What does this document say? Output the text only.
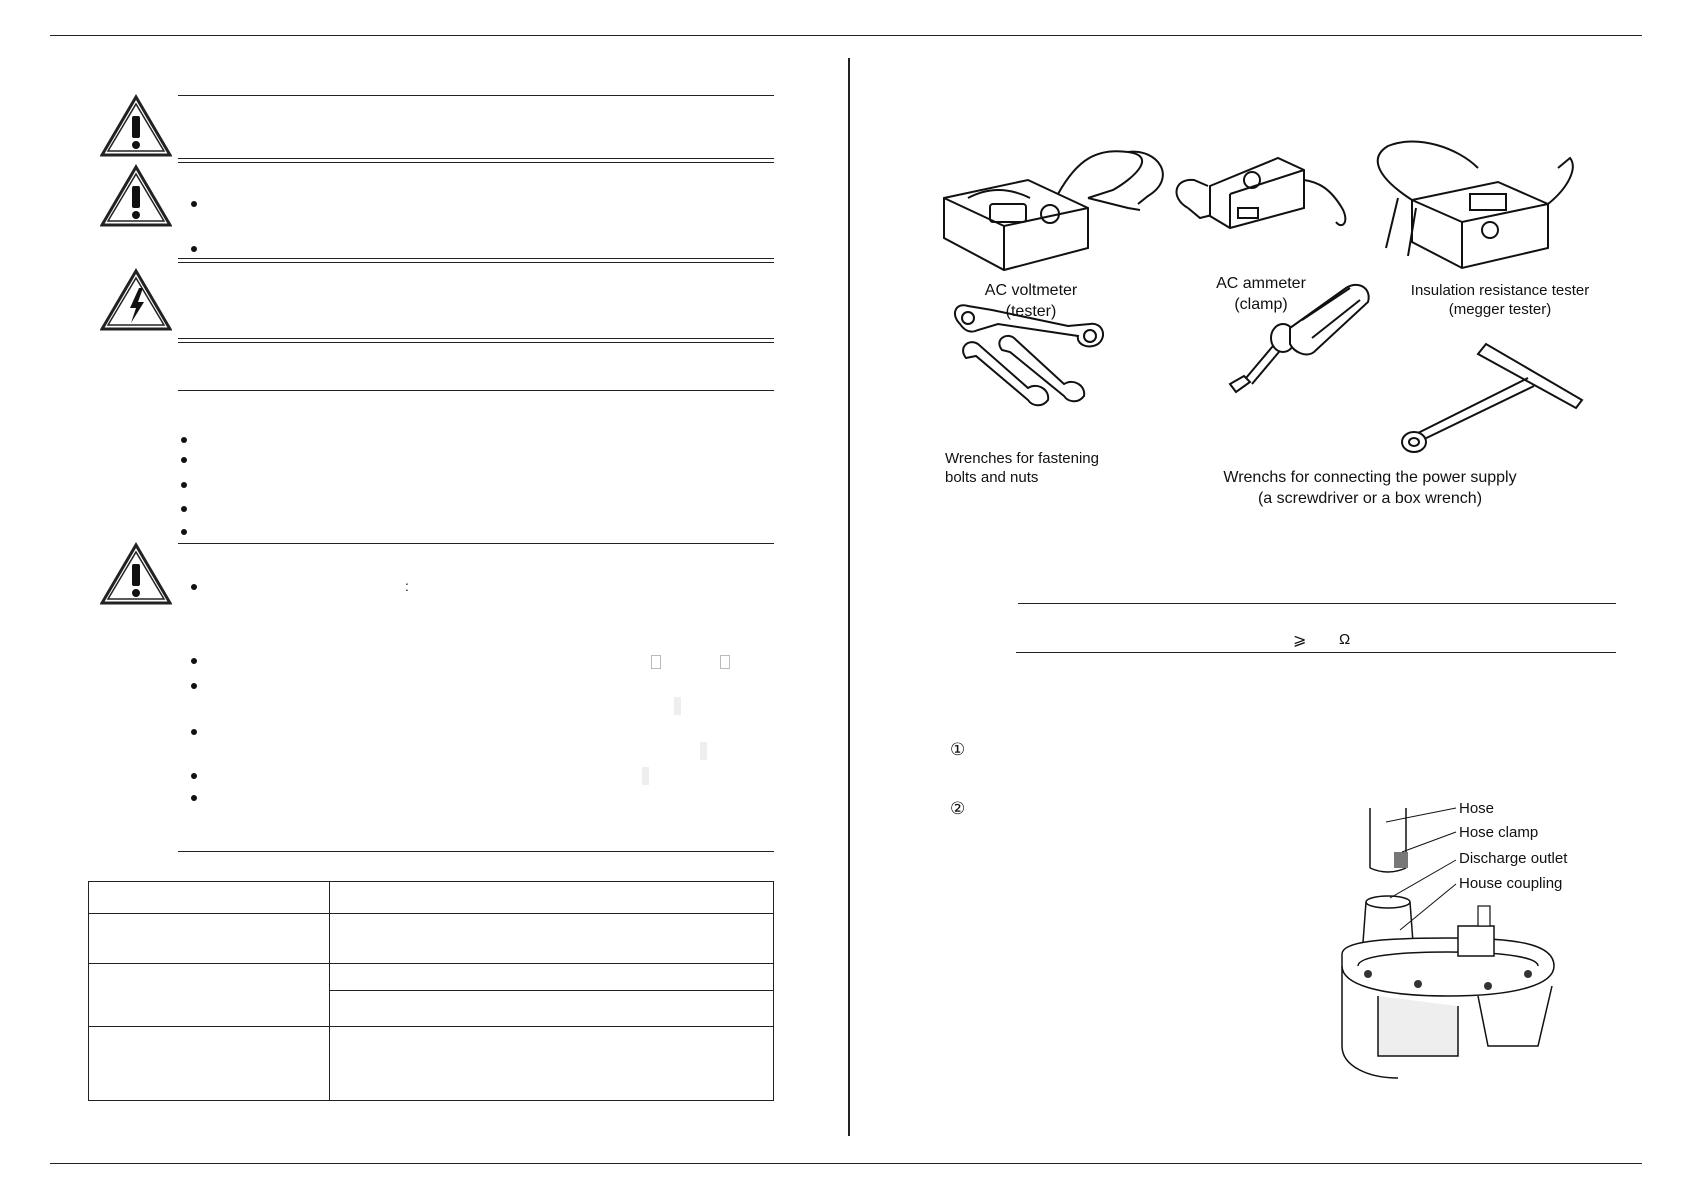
:

AC voltmeter
(tester)
AC ammeter
(clamp)
Insulation resistance tester
(megger tester)
Wrenches for fastening
bolts and nuts	Wrenchs for connecting the power supply
(a screwdriver or a box wrench)
⩾ Ω
①
②	Hose
Hose clamp
Discharge outlet
House coupling
